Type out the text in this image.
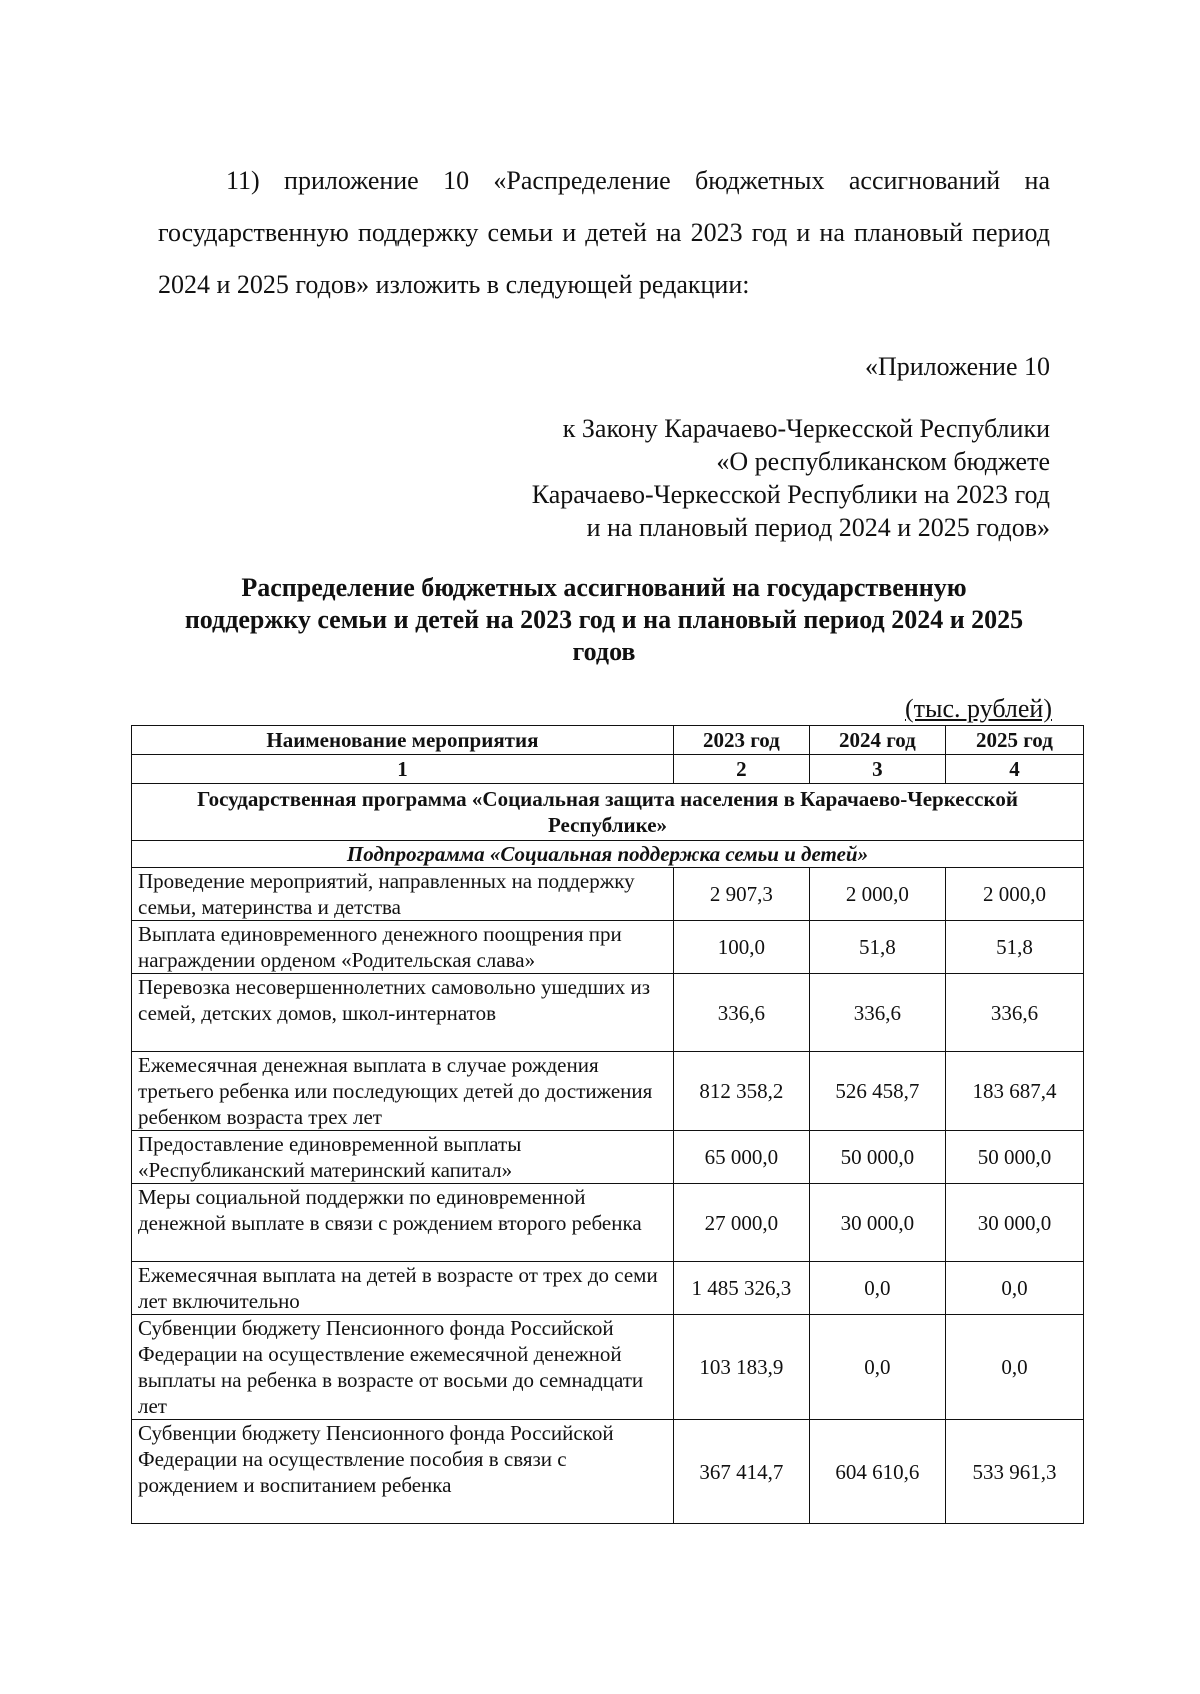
11) приложение 10 «Распределение бюджетных ассигнований на государственную поддержку семьи и детей на 2023 год и на плановый период 2024 и 2025 годов» изложить в следующей редакции:

«Приложение 10
к Закону Карачаево-Черкесской Республики
«О республиканском бюджете
Карачаево-Черкесской Республики на 2023 год
и на плановый период 2024 и 2025 годов»
Распределение бюджетных ассигнований на государственную
поддержку семьи и детей на 2023 год и на плановый период 2024 и 2025
годов
(тыс. рублей)
Наименование мероприятия	2023 год	2024 год	2025 год
1	2	3	4
Государственная программа «Социальная защита населения в Карачаево-Черкесской Республике»			
Подпрограмма «Социальная поддержка семьи и детей»			
Проведение мероприятий, направленных на поддержку семьи, материнства и детства	2 907,3	2 000,0	2 000,0
Выплата единовременного денежного поощрения при награждении орденом «Родительская слава»	100,0	51,8	51,8
Перевозка несовершеннолетних самовольно ушедших из семей, детских домов, школ-интернатов	336,6	336,6	336,6
Ежемесячная денежная выплата в случае рождения третьего ребенка или последующих детей до достижения ребенком возраста трех лет	812 358,2	526 458,7	183 687,4
Предоставление единовременной выплаты «Республиканский материнский капитал»	65 000,0	50 000,0	50 000,0
Меры социальной поддержки по единовременной денежной выплате в связи с рождением второго ребенка	27 000,0	30 000,0	30 000,0
Ежемесячная выплата на детей в возрасте от трех до семи лет включительно	1 485 326,3	0,0	0,0
Субвенции бюджету Пенсионного фонда Российской Федерации на осуществление ежемесячной денежной выплаты на ребенка в возрасте от восьми до семнадцати лет	103 183,9	0,0	0,0
Субвенции бюджету Пенсионного фонда Российской Федерации на осуществление пособия в связи с рождением и воспитанием ребенка	367 414,7	604 610,6	533 961,3
